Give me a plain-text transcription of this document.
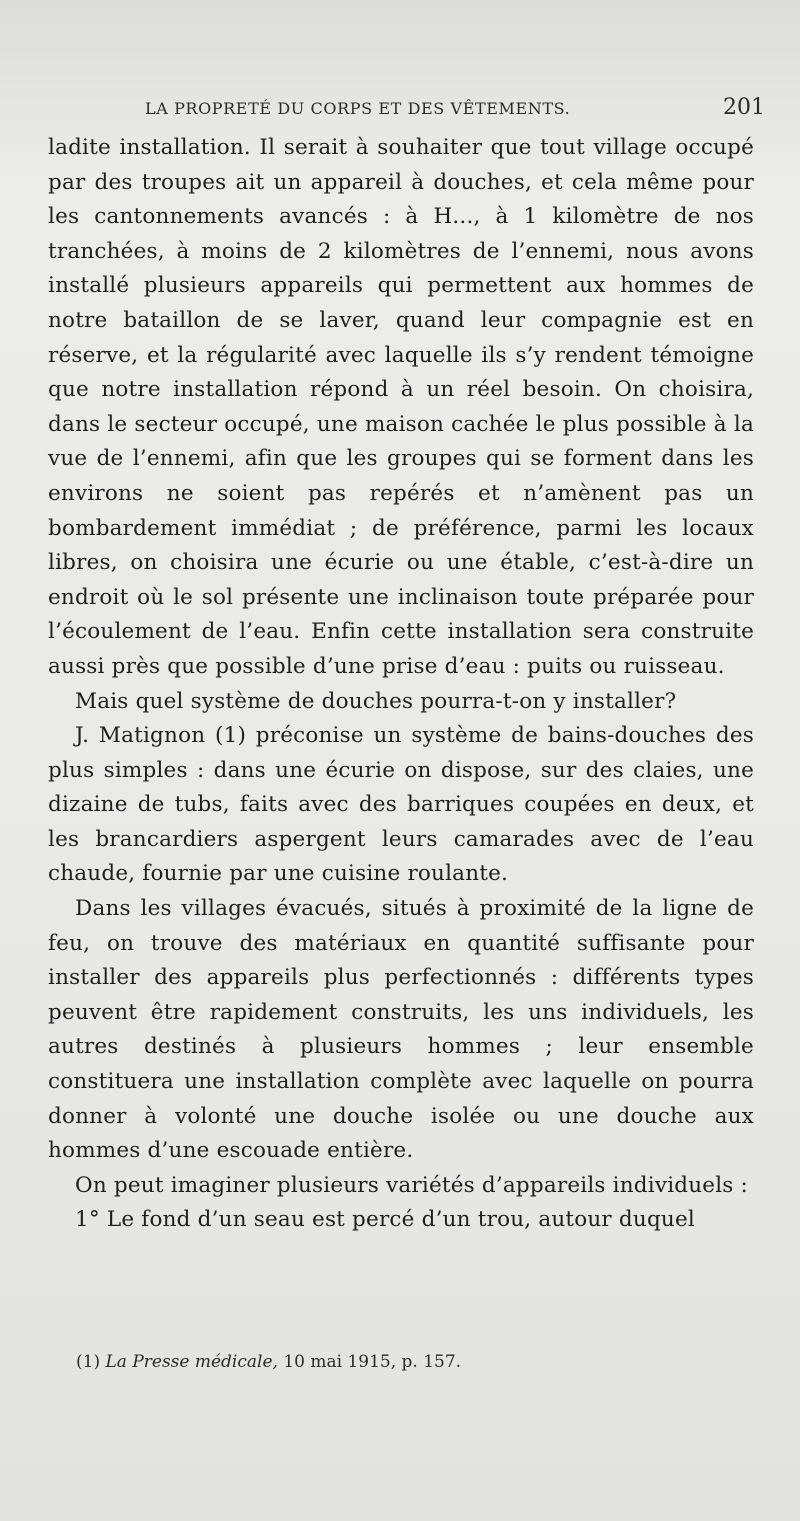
LA PROPRETÉ DU CORPS ET DES VÊTEMENTS.	201

ladite installation. Il serait à souhaiter que tout village occupé par des troupes ait un appareil à douches, et cela même pour les cantonnements avancés : à H..., à 1 kilomètre de nos tranchées, à moins de 2 kilomètres de l’ennemi, nous avons installé plusieurs appareils qui permettent aux hommes de notre bataillon de se laver, quand leur compagnie est en réserve, et la régularité avec laquelle ils s’y rendent témoigne que notre installation répond à un réel besoin. On choisira, dans le secteur occupé, une maison cachée le plus possible à la vue de l’ennemi, afin que les groupes qui se forment dans les environs ne soient pas repérés et n’amènent pas un bombardement immédiat ; de préférence, parmi les locaux libres, on choisira une écurie ou une étable, c’est-à-dire un endroit où le sol présente une inclinaison toute préparée pour l’écoulement de l’eau. Enfin cette installation sera construite aussi près que possible d’une prise d’eau : puits ou ruisseau.

Mais quel système de douches pourra-t-on y installer?

J. Matignon (1) préconise un système de bains-douches des plus simples : dans une écurie on dispose, sur des claies, une dizaine de tubs, faits avec des barriques coupées en deux, et les brancardiers aspergent leurs camarades avec de l’eau chaude, fournie par une cuisine roulante.

Dans les villages évacués, situés à proximité de la ligne de feu, on trouve des matériaux en quantité suffisante pour installer des appareils plus perfectionnés : différents types peuvent être rapidement construits, les uns individuels, les autres destinés à plusieurs hommes ; leur ensemble constituera une installation complète avec laquelle on pourra donner à volonté une douche isolée ou une douche aux hommes d’une escouade entière.

On peut imaginer plusieurs variétés d’appareils individuels :

1° Le fond d’un seau est percé d’un trou, autour duquel

(1) La Presse médicale, 10 mai 1915, p. 157.
